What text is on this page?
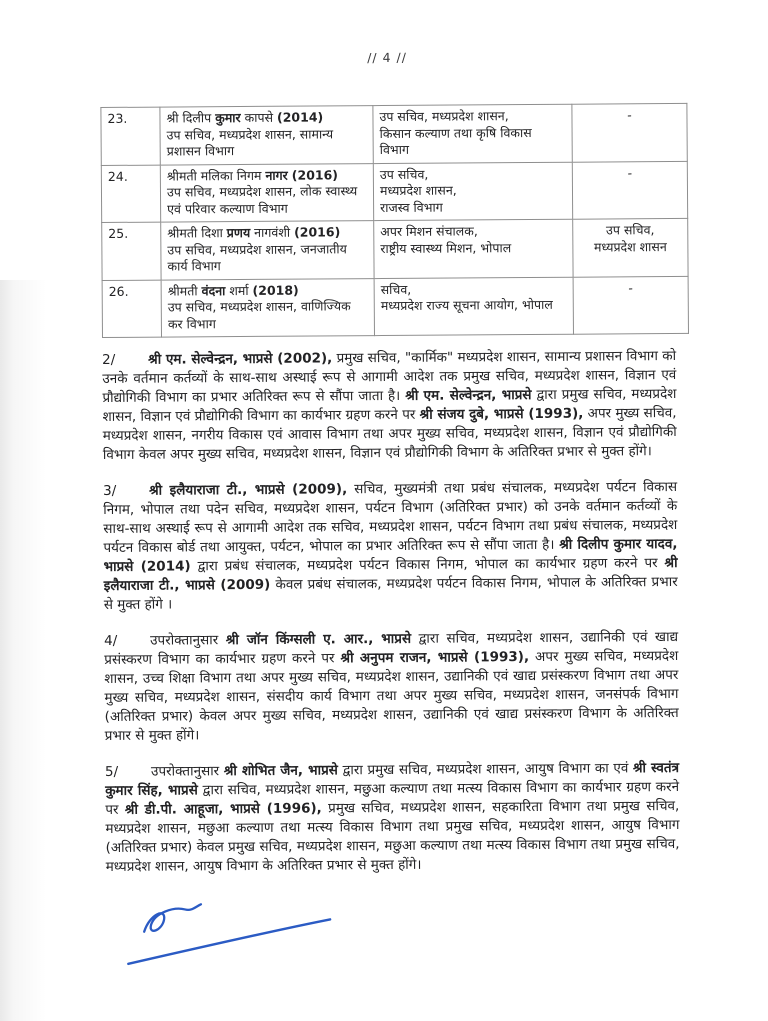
// 4 //
23.	श्री दिलीप कुमार कापसे (2014)
उप सचिव, मध्यप्रदेश शासन, सामान्य प्रशासन विभाग
	उप सचिव, मध्यप्रदेश शासन,
किसान कल्याण तथा कृषि विकास
विभाग	-
24.	श्रीमती मलिका निगम नागर (2016)
उप सचिव, मध्यप्रदेश शासन, लोक स्वास्थ्य एवं परिवार कल्याण विभाग
	उप सचिव,
मध्यप्रदेश शासन,
राजस्व विभाग	-
25.	श्रीमती दिशा प्रणय नागवंशी (2016)
उप सचिव, मध्यप्रदेश शासन, जनजातीय कार्य विभाग
	अपर मिशन संचालक,
राष्ट्रीय स्वास्थ्य मिशन, भोपाल	उप सचिव,
मध्यप्रदेश शासन
26.	श्रीमती वंदना शर्मा (2018)
उप सचिव, मध्यप्रदेश शासन, वाणिज्यिक कर विभाग
	सचिव,
मध्यप्रदेश राज्य सूचना आयोग, भोपाल	-
2/ श्री एम. सेल्वेन्द्रन, भाप्रसे (2002), प्रमुख सचिव, "कार्मिक" मध्यप्रदेश शासन, सामान्य प्रशासन विभाग को उनके वर्तमान कर्तव्यों के साथ-साथ अस्थाई रूप से आगामी आदेश तक प्रमुख सचिव, मध्यप्रदेश शासन, विज्ञान एवं प्रौद्योगिकी विभाग का प्रभार अतिरिक्त रूप से सौंपा जाता है। श्री एम. सेल्वेन्द्रन, भाप्रसे द्वारा प्रमुख सचिव, मध्यप्रदेश शासन, विज्ञान एवं प्रौद्योगिकी विभाग का कार्यभार ग्रहण करने पर श्री संजय दुबे, भाप्रसे (1993), अपर मुख्य सचिव, मध्यप्रदेश शासन, नगरीय विकास एवं आवास विभाग तथा अपर मुख्य सचिव, मध्यप्रदेश शासन, विज्ञान एवं प्रौद्योगिकी विभाग केवल अपर मुख्य सचिव, मध्यप्रदेश शासन, विज्ञान एवं प्रौद्योगिकी विभाग के अतिरिक्त प्रभार से मुक्त होंगे।
3/ श्री इलैयाराजा टी., भाप्रसे (2009), सचिव, मुख्यमंत्री तथा प्रबंध संचालक, मध्यप्रदेश पर्यटन विकास निगम, भोपाल तथा पदेन सचिव, मध्यप्रदेश शासन, पर्यटन विभाग (अतिरिक्त प्रभार) को उनके वर्तमान कर्तव्यों के साथ-साथ अस्थाई रूप से आगामी आदेश तक सचिव, मध्यप्रदेश शासन, पर्यटन विभाग तथा प्रबंध संचालक, मध्यप्रदेश पर्यटन विकास बोर्ड तथा आयुक्त, पर्यटन, भोपाल का प्रभार अतिरिक्त रूप से सौंपा जाता है। श्री दिलीप कुमार यादव, भाप्रसे (2014) द्वारा प्रबंध संचालक, मध्यप्रदेश पर्यटन विकास निगम, भोपाल का कार्यभार ग्रहण करने पर श्री इलैयाराजा टी., भाप्रसे (2009) केवल प्रबंध संचालक, मध्यप्रदेश पर्यटन विकास निगम, भोपाल के अतिरिक्त प्रभार से मुक्त होंगे ।
4/ उपरोक्तानुसार श्री जॉन किंग्सली ए. आर., भाप्रसे द्वारा सचिव, मध्यप्रदेश शासन, उद्यानिकी एवं खाद्य प्रसंस्करण विभाग का कार्यभार ग्रहण करने पर श्री अनुपम राजन, भाप्रसे (1993), अपर मुख्य सचिव, मध्यप्रदेश शासन, उच्च शिक्षा विभाग तथा अपर मुख्य सचिव, मध्यप्रदेश शासन, उद्यानिकी एवं खाद्य प्रसंस्करण विभाग तथा अपर मुख्य सचिव, मध्यप्रदेश शासन, संसदीय कार्य विभाग तथा अपर मुख्य सचिव, मध्यप्रदेश शासन, जनसंपर्क विभाग (अतिरिक्त प्रभार) केवल अपर मुख्य सचिव, मध्यप्रदेश शासन, उद्यानिकी एवं खाद्य प्रसंस्करण विभाग के अतिरिक्त प्रभार से मुक्त होंगे।
5/ उपरोक्तानुसार श्री शोभित जैन, भाप्रसे द्वारा प्रमुख सचिव, मध्यप्रदेश शासन, आयुष विभाग का एवं श्री स्वतंत्र कुमार सिंह, भाप्रसे द्वारा सचिव, मध्यप्रदेश शासन, मछुआ कल्याण तथा मत्स्य विकास विभाग का कार्यभार ग्रहण करने पर श्री डी.पी. आहूजा, भाप्रसे (1996), प्रमुख सचिव, मध्यप्रदेश शासन, सहकारिता विभाग तथा प्रमुख सचिव, मध्यप्रदेश शासन, मछुआ कल्याण तथा मत्स्य विकास विभाग तथा प्रमुख सचिव, मध्यप्रदेश शासन, आयुष विभाग (अतिरिक्त प्रभार) केवल प्रमुख सचिव, मध्यप्रदेश शासन, मछुआ कल्याण तथा मत्स्य विकास विभाग तथा प्रमुख सचिव, मध्यप्रदेश शासन, आयुष विभाग के अतिरिक्त प्रभार से मुक्त होंगे।
